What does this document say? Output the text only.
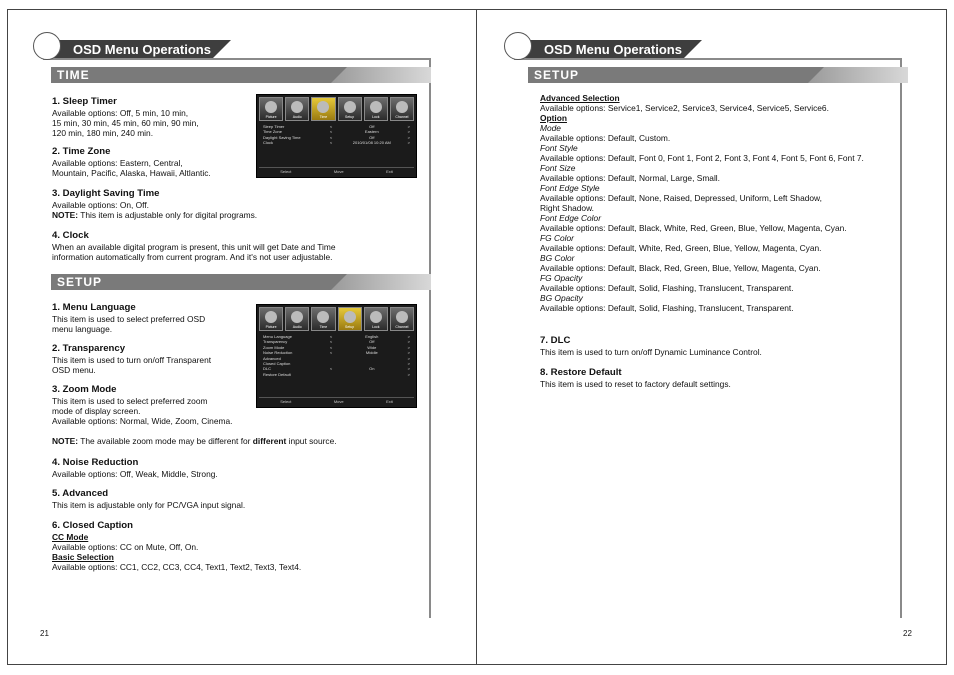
OSD Menu Operations
TIME
1. Sleep Timer
Available options: Off, 5 min, 10 min,
15 min, 30 min, 45 min, 60 min, 90 min,
120 min, 180 min, 240 min.
2. Time Zone
Available options: Eastern, Central,
Mountain, Pacific, Alaska, Hawaii, Altlantic.
3. Daylight Saving Time
Available options: On, Off.
NOTE: This item is adjustable only for digital programs.
4. Clock
When an available digital program is present, this unit will get Date and Time
information automatically from current program. And it's not user adjustable.
Picture	Audio	Time	Setup	Lock	Channel
Sleep Timer	<	Off	>
Time Zone	<	Eastern	>
Daylight Saving Time	<	Off	>
Clock	<	2010/01/08 10:20 AM	>
Select	Move	Exit
SETUP
1. Menu Language
This item is used to select preferred OSD
menu language.
2. Transparency
This item is used to turn on/off Transparent
OSD menu.
3. Zoom Mode
This item is used to select preferred zoom
mode of display screen.
Available options: Normal, Wide, Zoom, Cinema.
NOTE: The available zoom mode may be different for different input source.
4. Noise Reduction
Available options: Off, Weak, Middle, Strong.
5. Advanced
This item is adjustable only for PC/VGA input signal.
6. Closed Caption
CC Mode
Available options: CC on Mute, Off, On.
Basic Selection
Available options: CC1, CC2, CC3, CC4, Text1, Text2, Text3, Text4.
Picture	Audio	Time	Setup	Lock	Channel
Menu Language	<	English	>
Transparency	<	Off	>
Zoom Mode	<	Wide	>
Noise Reduction	<	Middle	>
Advanced	>
Closed Caption	>
DLC	<	On	>
Restore Default	>
Select	Move	Exit
21
OSD Menu Operations
SETUP
Advanced Selection
Available options: Service1, Service2, Service3, Service4, Service5, Service6.
Option
Mode
Available options: Default, Custom.
Font Style
Available options: Default, Font 0, Font 1, Font 2, Font 3, Font 4, Font 5, Font 6, Font 7.
Font Size
Available options: Default, Normal, Large, Small.
Font Edge Style
Available options: Default, None, Raised, Depressed, Uniform, Left Shadow,
Right Shadow.
Font Edge Color
Available options: Default, Black, White, Red, Green, Blue, Yellow, Magenta, Cyan.
FG Color
Available options: Default, White, Red, Green, Blue, Yellow, Magenta, Cyan.
BG Color
Available options: Default, Black, Red, Green, Blue, Yellow, Magenta, Cyan.
FG Opacity
Available options: Default, Solid, Flashing, Translucent, Transparent.
BG Opacity
Available options: Default, Solid, Flashing, Translucent, Transparent.
7. DLC
This item is used to turn on/off Dynamic Luminance Control.
8. Restore Default
This item is used to reset to factory default settings.
22
